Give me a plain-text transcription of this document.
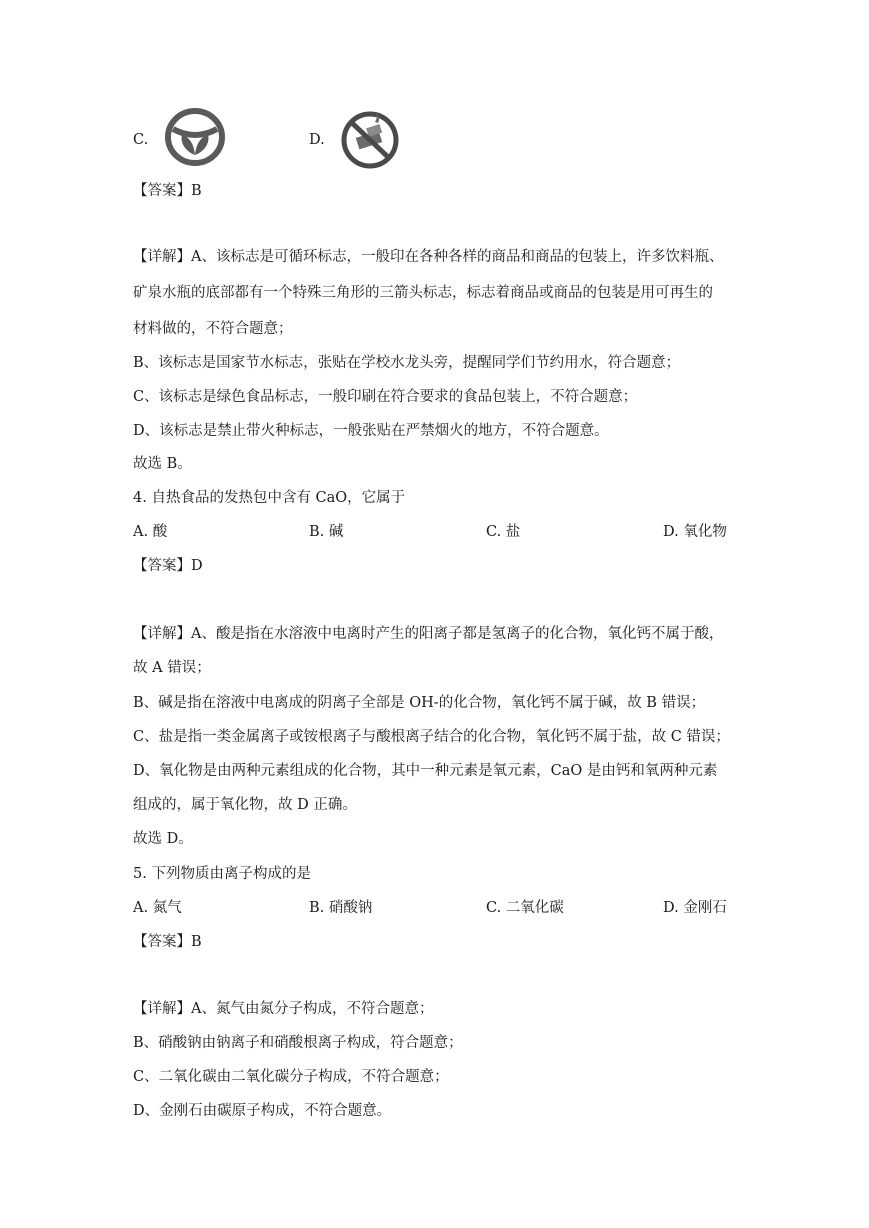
C.	D.
【答案】B
【详解】A、该标志是可循环标志，一般印在各种各样的商品和商品的包装上，许多饮料瓶、
矿泉水瓶的底部都有一个特殊三角形的三箭头标志，标志着商品或商品的包装是用可再生的
材料做的，不符合题意；
B、该标志是国家节水标志，张贴在学校水龙头旁，提醒同学们节约用水，符合题意；
C、该标志是绿色食品标志，一般印刷在符合要求的食品包装上，不符合题意；
D、该标志是禁止带火种标志，一般张贴在严禁烟火的地方，不符合题意。
故选 B。
4. 自热食品的发热包中含有 CaO，它属于
A. 酸	B. 碱	C. 盐	D. 氧化物
【答案】D
【详解】A、酸是指在水溶液中电离时产生的阳离子都是氢离子的化合物，氧化钙不属于酸，
故 A 错误；
B、碱是指在溶液中电离成的阴离子全部是 OH-的化合物，氧化钙不属于碱，故 B 错误；
C、盐是指一类金属离子或铵根离子与酸根离子结合的化合物，氧化钙不属于盐，故 C 错误；
D、氧化物是由两种元素组成的化合物，其中一种元素是氧元素，CaO 是由钙和氧两种元素
组成的，属于氧化物，故 D 正确。
故选 D。
5. 下列物质由离子构成的是
A. 氮气	B. 硝酸钠	C. 二氧化碳	D. 金刚石
【答案】B
【详解】A、氮气由氮分子构成，不符合题意；
B、硝酸钠由钠离子和硝酸根离子构成，符合题意；
C、二氧化碳由二氧化碳分子构成，不符合题意；
D、金刚石由碳原子构成，不符合题意。
